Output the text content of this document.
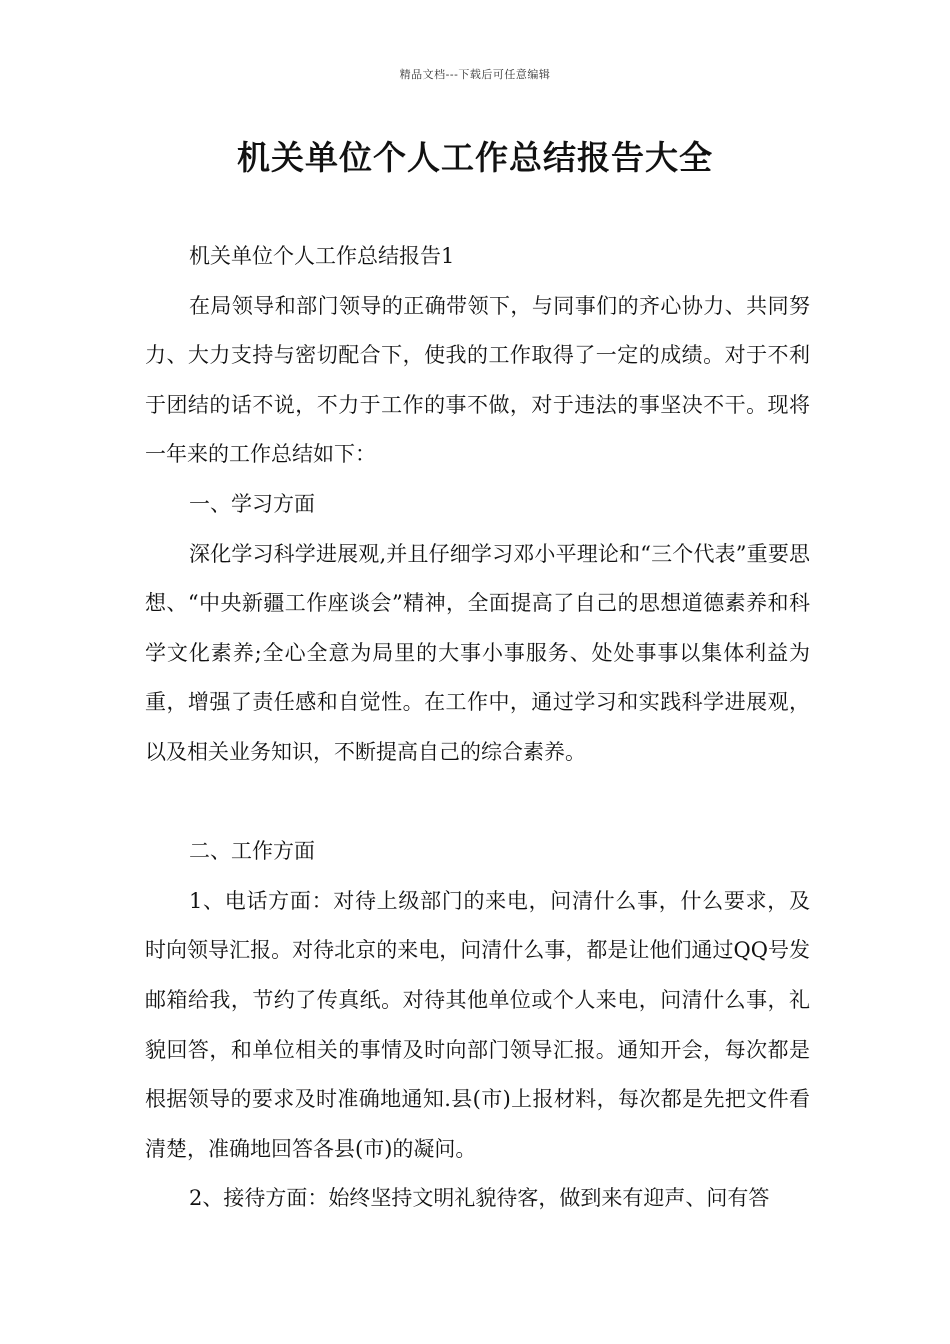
精品文档---下载后可任意编辑
机关单位个人工作总结报告大全

机关单位个人工作总结报告1

在局领导和部门领导的正确带领下，与同事们的齐心协力、共同努力、大力支持与密切配合下，使我的工作取得了一定的成绩。对于不利于团结的话不说，不力于工作的事不做，对于违法的事坚决不干。现将一年来的工作总结如下：

一、学习方面

深化学习科学进展观,并且仔细学习邓小平理论和“三个代表”重要思想、“中央新疆工作座谈会”精神，全面提高了自己的思想道德素养和科学文化素养;全心全意为局里的大事小事服务、处处事事以集体利益为重，增强了责任感和自觉性。在工作中，通过学习和实践科学进展观，以及相关业务知识，不断提高自己的综合素养。

二、工作方面

1、电话方面：对待上级部门的来电，问清什么事，什么要求，及时向领导汇报。对待北京的来电，问清什么事，都是让他们通过QQ号发邮箱给我，节约了传真纸。对待其他单位或个人来电，问清什么事，礼貌回答，和单位相关的事情及时向部门领导汇报。通知开会，每次都是根据领导的要求及时准确地通知.县(市)上报材料，每次都是先把文件看清楚，准确地回答各县(市)的凝问。

2、接待方面：始终坚持文明礼貌待客，做到来有迎声、问有答
